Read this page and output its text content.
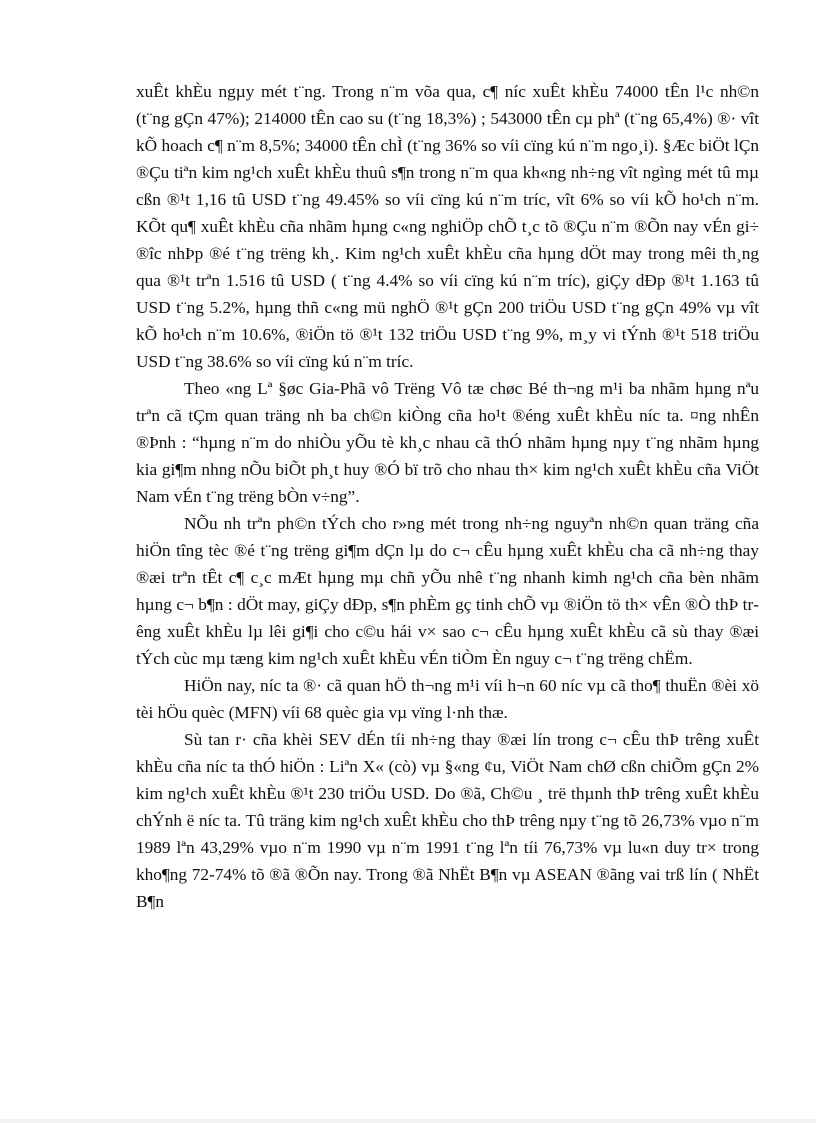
xuÊt khÈu ngµy mét t¨ng. Trong n¨m võa qua, c¶ níc xuÊt khÈu 74000 tÊn l¹c nh©n (t¨ng gÇn 47%); 214000 tÊn cao su (t¨ng 18,3%) ; 543000 tÊn cµ phª (t¨ng 65,4%) ®· vît kÕ hoach c¶ n¨m 8,5%; 34000 tÊn chÌ (t¨ng 36% so víi cïng kú n¨m ngo¸i). §Æc biÖt lÇn ®Çu tiªn kim ng¹ch xuÊt khÈu thuû s¶n trong n¨m qua kh«ng nh÷ng vît ngìng mét tû mµ cßn ®¹t 1,16 tû USD t¨ng 49.45% so víi cïng kú n¨m tríc, vît 6% so víi kÕ ho¹ch n¨m. KÕt qu¶ xuÊt khÈu cña nhãm hµng c«ng nghiÖp chÕ t¸c tõ ®Çu n¨m ®Õn nay vÉn gi÷ ®îc nhÞp ®é t¨ng trëng kh¸. Kim ng¹ch xuÊt khÈu cña hµng dÖt may trong mêi th¸ng qua ®¹t trªn 1.516 tû USD ( t¨ng 4.4% so víi cïng kú n¨m tríc), giÇy dÐp ®¹t 1.163 tû USD t¨ng 5.2%, hµng thñ c«ng mü nghÖ ®¹t gÇn 200 triÖu USD t¨ng gÇn 49% vµ vît kÕ ho¹ch n¨m 10.6%, ®iÖn tö ®¹t 132 triÖu USD t¨ng 9%, m¸y vi tÝnh ®¹t 518 triÖu USD t¨ng 38.6% so víi cïng kú n¨m tríc.

Theo «ng Lª §øc Gia-Phã vô Trëng Vô tæ chøc Bé th¬ng m¹i ba nhãm hµng nªu trªn cã tÇm quan träng nh ba ch©n kiÒng cña ho¹t ®éng xuÊt khÈu níc ta. ¤ng nhÊn ®Þnh : “hµng n¨m do nhiÒu yÕu tè kh¸c nhau cã thÓ nhãm hµng nµy t¨ng nhãm hµng kia gi¶m nhng nÕu biÕt ph¸t huy ®Ó bï trõ cho nhau th× kim ng¹ch xuÊt khÈu cña ViÖt Nam vÉn t¨ng trëng bÒn v÷ng”.

NÕu nh trªn ph©n tÝch cho r»ng mét trong nh÷ng nguyªn nh©n quan träng cña hiÖn tîng tèc ®é t¨ng trëng gi¶m dÇn lµ do c¬ cÊu hµng xuÊt khÈu cha cã nh÷ng thay ®æi trªn tÊt c¶ c¸c mÆt hµng mµ chñ yÕu nhê t¨ng nhanh kimh ng¹ch cña bèn nhãm hµng c¬ b¶n : dÖt may, giÇy dÐp, s¶n phÈm gç tinh chÕ vµ ®iÖn tö th× vÊn ®Ò thÞ trêng xuÊt khÈu lµ lêi gi¶i cho c©u hái v× sao c¬ cÊu hµng xuÊt khÈu cã sù thay ®æi tÝch cùc mµ tæng kim ng¹ch xuÊt khÈu vÉn tiÒm Èn nguy c¬ t¨ng trëng chËm.

HiÖn nay, níc ta ®· cã quan hÖ th¬ng m¹i víi h¬n 60 níc vµ cã tho¶ thuËn ®èi xö tèi hÖu quèc (MFN) víi 68 quèc gia vµ vïng l·nh thæ.

Sù tan r· cña khèi SEV dÉn tíi nh÷ng thay ®æi lín trong c¬ cÊu thÞ trêng xuÊt khÈu cña níc ta thÓ hiÖn : Liªn X« (cò) vµ §«ng ¢u, ViÖt Nam chØ cßn chiÕm gÇn 2% kim ng¹ch xuÊt khÈu ®¹t 230 triÖu USD. Do ®ã, Ch©u ¸ trë thµnh thÞ trêng xuÊt khÈu chÝnh ë níc ta. Tû träng kim ng¹ch xuÊt khÈu cho thÞ trêng nµy t¨ng tõ 26,73% vµo n¨m 1989 lªn 43,29% vµo n¨m 1990 vµ n¨m 1991 t¨ng lªn tíi 76,73% vµ lu«n duy tr× trong kho¶ng 72-74% tõ ®ã ®Õn nay. Trong ®ã NhËt B¶n vµ ASEAN ®ãng vai trß lín ( NhËt B¶n
